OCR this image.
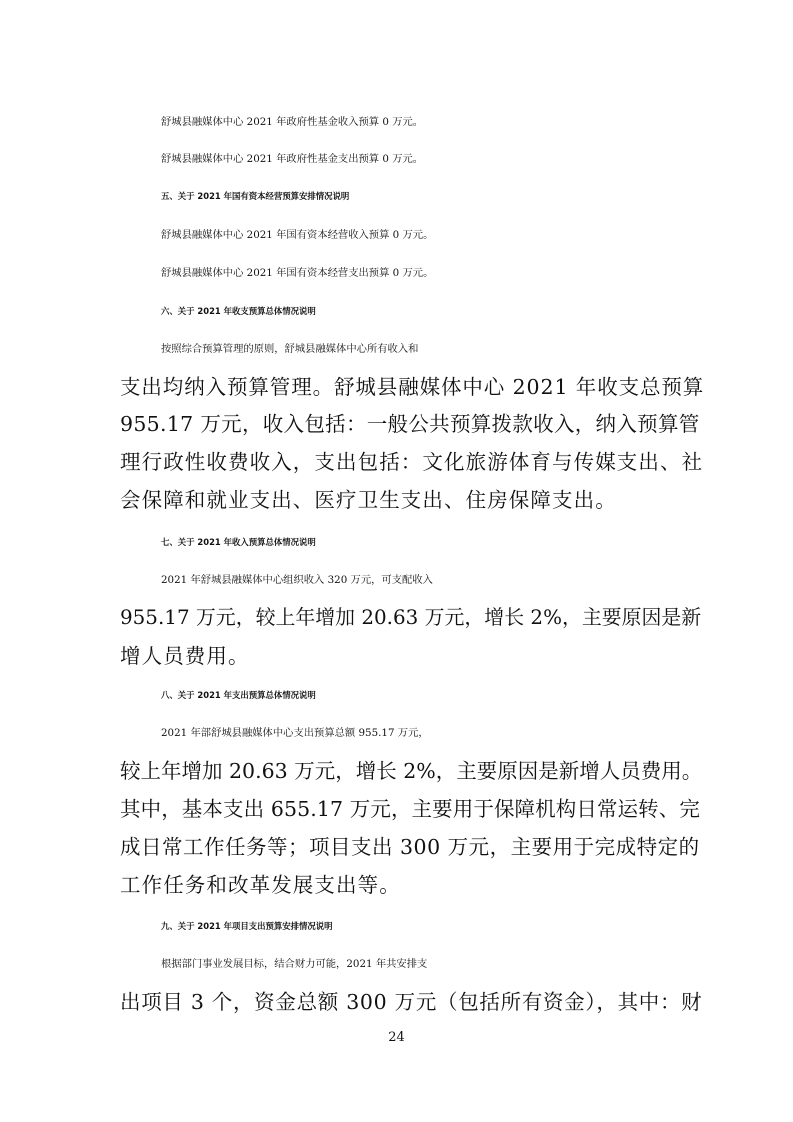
舒城县融媒体中心 2021 年政府性基金收入预算 0 万元。
舒城县融媒体中心 2021 年政府性基金支出预算 0 万元。
五、关于 2021 年国有资本经营预算安排情况说明
舒城县融媒体中心 2021 年国有资本经营收入预算 0 万元。
舒城县融媒体中心 2021 年国有资本经营支出预算 0 万元。
六、关于 2021 年收支预算总体情况说明
按照综合预算管理的原则，舒城县融媒体中心所有收入和
支出均纳入预算管理。舒城县融媒体中心 2021 年收支总预算
955.17 万元，收入包括：一般公共预算拨款收入，纳入预算管
理行政性收费收入，支出包括：文化旅游体育与传媒支出、社
会保障和就业支出、医疗卫生支出、住房保障支出。
七、关于 2021 年收入预算总体情况说明
2021 年舒城县融媒体中心组织收入 320 万元，可支配收入
955.17 万元，较上年增加 20.63 万元，增长 2%，主要原因是新
增人员费用。
八、关于 2021 年支出预算总体情况说明
2021 年部舒城县融媒体中心支出预算总额 955.17 万元，
较上年增加 20.63 万元，增长 2%，主要原因是新增人员费用。
其中，基本支出 655.17 万元，主要用于保障机构日常运转、完
成日常工作任务等；项目支出 300 万元，主要用于完成特定的
工作任务和改革发展支出等。
九、关于 2021 年项目支出预算安排情况说明
根据部门事业发展目标，结合财力可能，2021 年共安排支
出项目 3 个，资金总额 300 万元（包括所有资金），其中：财
24
